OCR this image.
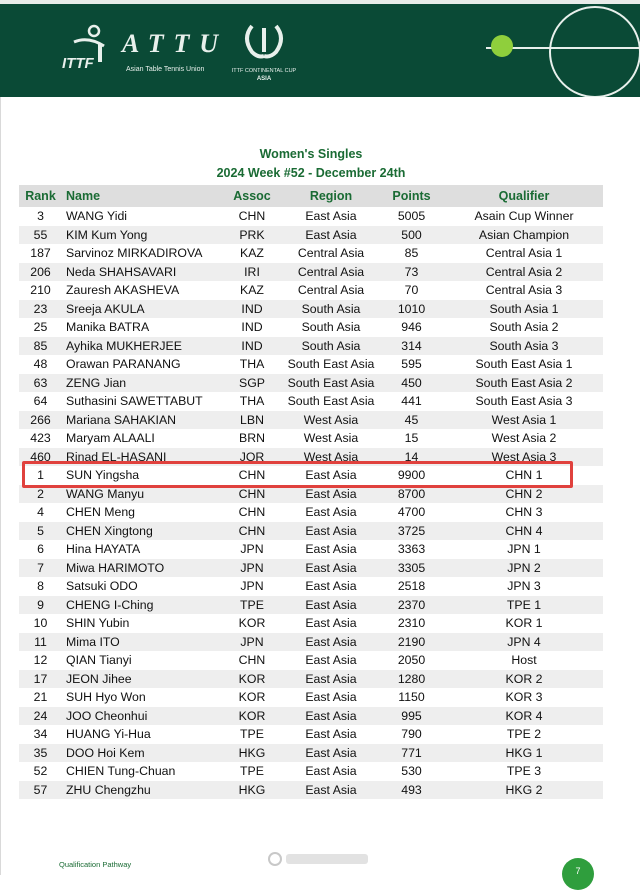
ITTF
ATTU
Asian Table Tennis Union	ITTF CONTINENTAL CUP
ASIA
Women's Singles
2024 Week #52 - December 24th
Rank	Name	Assoc	Region	Points	Qualifier
3	WANG Yidi	CHN	East Asia	5005	Asain Cup Winner
55	KIM Kum Yong	PRK	East Asia	500	Asian Champion
187	Sarvinoz MIRKADIROVA	KAZ	Central Asia	85	Central Asia 1
206	Neda SHAHSAVARI	IRI	Central Asia	73	Central Asia 2
210	Zauresh AKASHEVA	KAZ	Central Asia	70	Central Asia 3
23	Sreeja AKULA	IND	South Asia	1010	South Asia 1
25	Manika BATRA	IND	South Asia	946	South Asia 2
85	Ayhika MUKHERJEE	IND	South Asia	314	South Asia 3
48	Orawan PARANANG	THA	South East Asia	595	South East Asia 1
63	ZENG Jian	SGP	South East Asia	450	South East Asia 2
64	Suthasini SAWETTABUT	THA	South East Asia	441	South East Asia 3
266	Mariana SAHAKIAN	LBN	West Asia	45	West Asia 1
423	Maryam ALAALI	BRN	West Asia	15	West Asia 2
460	Rinad EL-HASANI	JOR	West Asia	14	West Asia 3
1	SUN Yingsha	CHN	East Asia	9900	CHN 1
2	WANG Manyu	CHN	East Asia	8700	CHN 2
4	CHEN Meng	CHN	East Asia	4700	CHN 3
5	CHEN Xingtong	CHN	East Asia	3725	CHN 4
6	Hina HAYATA	JPN	East Asia	3363	JPN 1
7	Miwa HARIMOTO	JPN	East Asia	3305	JPN 2
8	Satsuki ODO	JPN	East Asia	2518	JPN 3
9	CHENG I-Ching	TPE	East Asia	2370	TPE 1
10	SHIN Yubin	KOR	East Asia	2310	KOR 1
11	Mima ITO	JPN	East Asia	2190	JPN 4
12	QIAN Tianyi	CHN	East Asia	2050	Host
17	JEON Jihee	KOR	East Asia	1280	KOR 2
21	SUH Hyo Won	KOR	East Asia	1150	KOR 3
24	JOO Cheonhui	KOR	East Asia	995	KOR 4
34	HUANG Yi-Hua	TPE	East Asia	790	TPE 2
35	DOO Hoi Kem	HKG	East Asia	771	HKG 1
52	CHIEN Tung-Chuan	TPE	East Asia	530	TPE 3
57	ZHU Chengzhu	HKG	East Asia	493	HKG 2
Qualification Pathway
7
